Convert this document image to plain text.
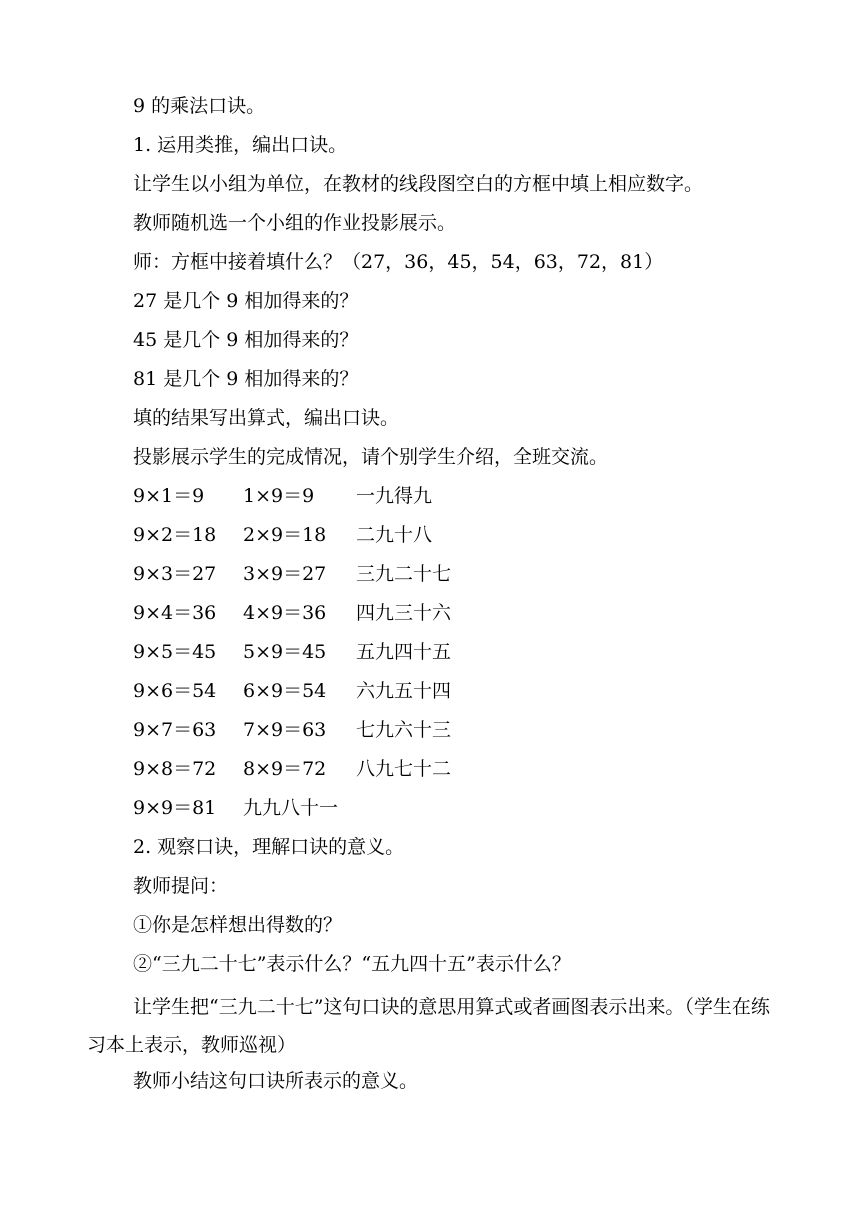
9 的乘法口诀。
1. 运用类推，编出口诀。
让学生以小组为单位，在教材的线段图空白的方框中填上相应数字。
教师随机选一个小组的作业投影展示。
师：方框中接着填什么？（27，36，45，54，63，72，81）
27 是几个 9 相加得来的？
45 是几个 9 相加得来的？
81 是几个 9 相加得来的？
填的结果写出算式，编出口诀。
投影展示学生的完成情况，请个别学生介绍，全班交流。
9×1＝9 1×9＝9 一九得九
9×2＝18 2×9＝18 二九十八
9×3＝27 3×9＝27 三九二十七
9×4＝36 4×9＝36 四九三十六
9×5＝45 5×9＝45 五九四十五
9×6＝54 6×9＝54 六九五十四
9×7＝63 7×9＝63 七九六十三
9×8＝72 8×9＝72 八九七十二
9×9＝81 九九八十一
2. 观察口诀，理解口诀的意义。
教师提问：
①你是怎样想出得数的？
②“三九二十七”表示什么？“五九四十五”表示什么？
让学生把“三九二十七”这句口诀的意思用算式或者画图表示出来。（学生在练习本上表示，教师巡视）
教师小结这句口诀所表示的意义。
